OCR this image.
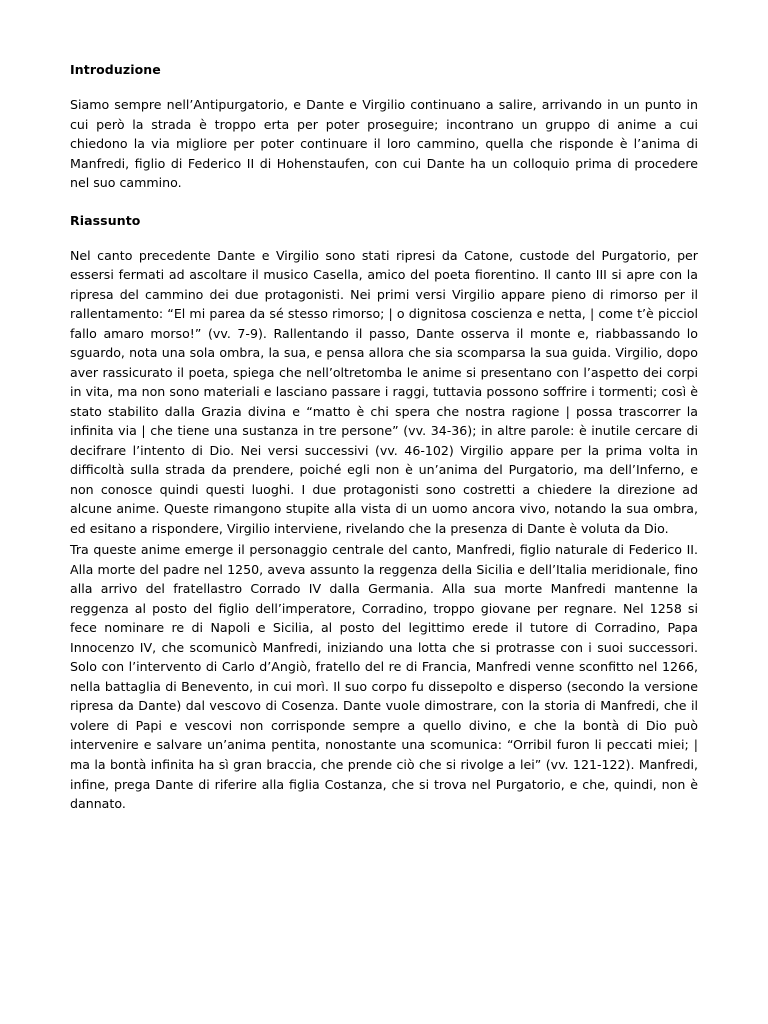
Introduzione

Siamo sempre nell’Antipurgatorio, e Dante e Virgilio continuano a salire, arrivando in un punto in cui però la strada è troppo erta per poter proseguire; incontrano un gruppo di anime a cui chiedono la via migliore per poter continuare il loro cammino, quella che risponde è l’anima di Manfredi, figlio di Federico II di Hohenstaufen, con cui Dante ha un colloquio prima di procedere nel suo cammino.

Riassunto

Nel canto precedente Dante e Virgilio sono stati ripresi da Catone, custode del Purgatorio, per essersi fermati ad ascoltare il musico Casella, amico del poeta fiorentino. Il canto III si apre con la ripresa del cammino dei due protagonisti. Nei primi versi Virgilio appare pieno di rimorso per il rallentamento: “El mi parea da sé stesso rimorso; | o dignitosa coscienza e netta, | come t’è picciol fallo amaro morso!” (vv. 7-9). Rallentando il passo, Dante osserva il monte e, riabbassando lo sguardo, nota una sola ombra, la sua, e pensa allora che sia scomparsa la sua guida. Virgilio, dopo aver rassicurato il poeta, spiega che nell’oltretomba le anime si presentano con l’aspetto dei corpi in vita, ma non sono materiali e lasciano passare i raggi, tuttavia possono soffrire i tormenti; così è stato stabilito dalla Grazia divina e “matto è chi spera che nostra ragione | possa trascorrer la infinita via | che tiene una sustanza in tre persone” (vv. 34-36); in altre parole: è inutile cercare di decifrare l’intento di Dio. Nei versi successivi (vv. 46-102) Virgilio appare per la prima volta in difficoltà sulla strada da prendere, poiché egli non è un’anima del Purgatorio, ma dell’Inferno, e non conosce quindi questi luoghi. I due protagonisti sono costretti a chiedere la direzione ad alcune anime. Queste rimangono stupite alla vista di un uomo ancora vivo, notando la sua ombra, ed esitano a rispondere, Virgilio interviene, rivelando che la presenza di Dante è voluta da Dio.

Tra queste anime emerge il personaggio centrale del canto, Manfredi, figlio naturale di Federico II. Alla morte del padre nel 1250, aveva assunto la reggenza della Sicilia e dell’Italia meridionale, fino alla arrivo del fratellastro Corrado IV dalla Germania. Alla sua morte Manfredi mantenne la reggenza al posto del figlio dell’imperatore, Corradino, troppo giovane per regnare. Nel 1258 si fece nominare re di Napoli e Sicilia, al posto del legittimo erede il tutore di Corradino, Papa Innocenzo IV, che scomunicò Manfredi, iniziando una lotta che si protrasse con i suoi successori. Solo con l’intervento di Carlo d’Angiò, fratello del re di Francia, Manfredi venne sconfitto nel 1266, nella battaglia di Benevento, in cui morì. Il suo corpo fu dissepolto e disperso (secondo la versione ripresa da Dante) dal vescovo di Cosenza. Dante vuole dimostrare, con la storia di Manfredi, che il volere di Papi e vescovi non corrisponde sempre a quello divino, e che la bontà di Dio può intervenire e salvare un’anima pentita, nonostante una scomunica: “Orribil furon li peccati miei; | ma la bontà infinita ha sì gran braccia, che prende ciò che si rivolge a lei” (vv. 121-122). Manfredi, infine, prega Dante di riferire alla figlia Costanza, che si trova nel Purgatorio, e che, quindi, non è dannato.
